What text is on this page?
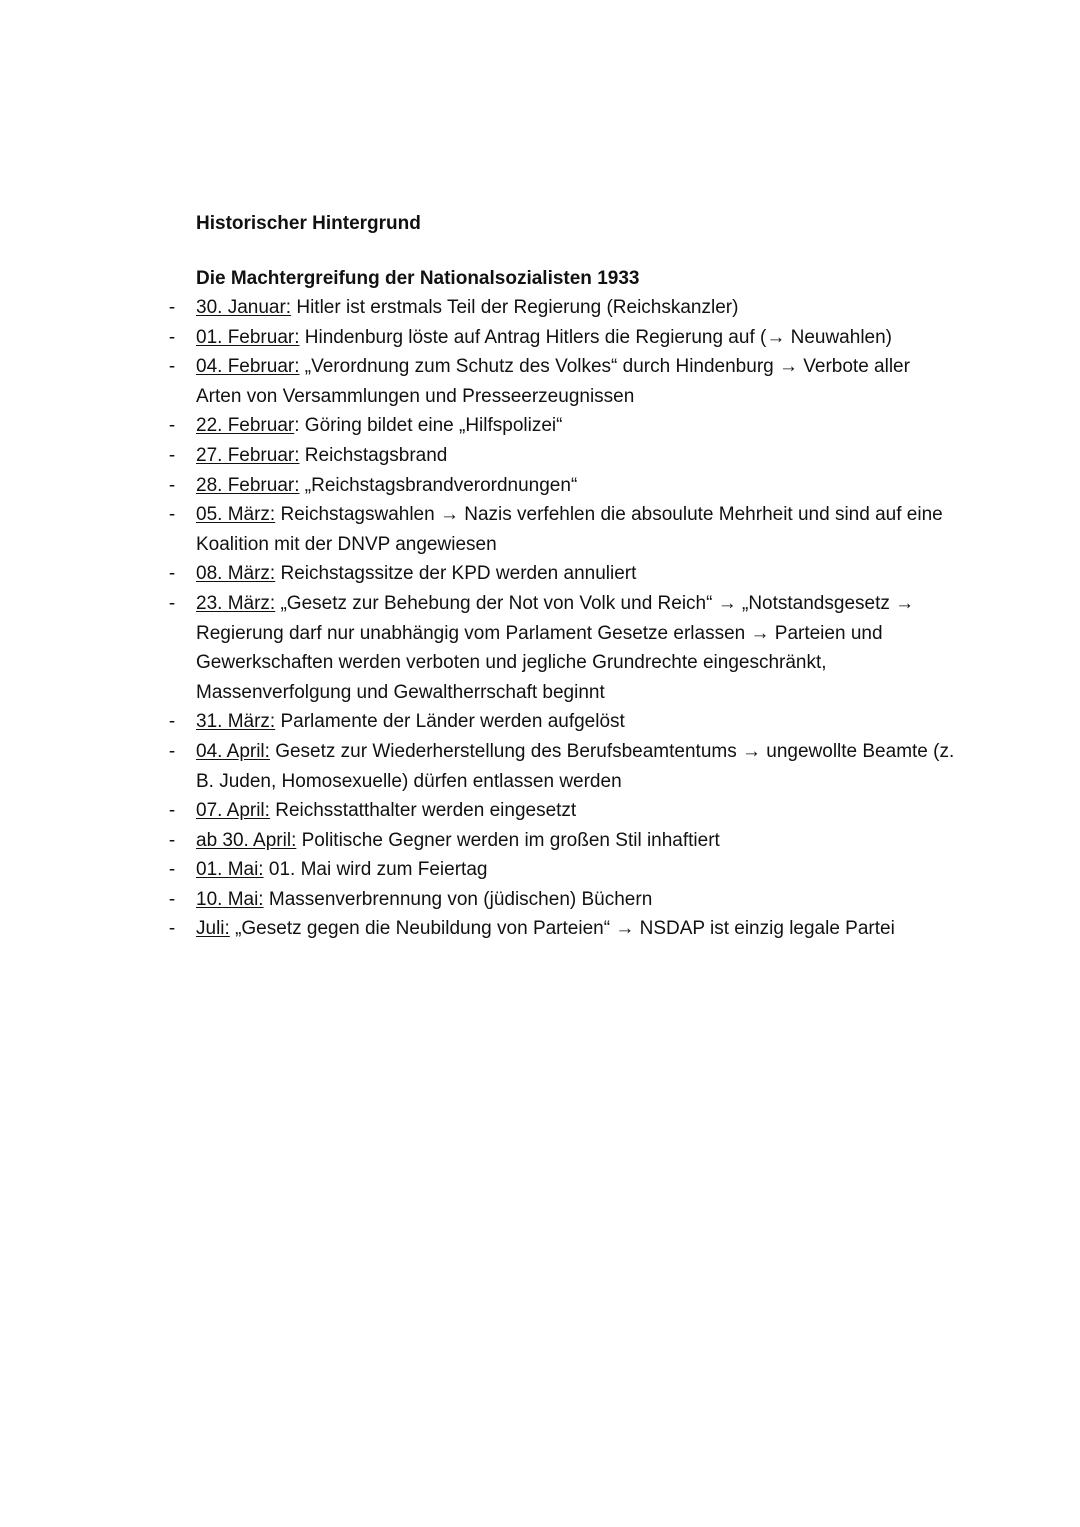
Historischer Hintergrund
Die Machtergreifung der Nationalsozialisten 1933
- 30. Januar: Hitler ist erstmals Teil der Regierung (Reichskanzler)
- 01. Februar: Hindenburg löste auf Antrag Hitlers die Regierung auf (→ Neuwahlen)
- 04. Februar: „Verordnung zum Schutz des Volkes“ durch Hindenburg → Verbote aller Arten von Versammlungen und Presseerzeugnissen
- 22. Februar: Göring bildet eine „Hilfspolizei“
- 27. Februar: Reichstagsbrand
- 28. Februar: „Reichstagsbrandverordnungen“
- 05. März: Reichstagswahlen → Nazis verfehlen die absoulute Mehrheit und sind auf eine Koalition mit der DNVP angewiesen
- 08. März: Reichstagssitze der KPD werden annuliert
- 23. März: „Gesetz zur Behebung der Not von Volk und Reich“ → „Notstandsgesetz → Regierung darf nur unabhängig vom Parlament Gesetze erlassen → Parteien und Gewerkschaften werden verboten und jegliche Grundrechte eingeschränkt, Massenverfolgung und Gewaltherrschaft beginnt
- 31. März: Parlamente der Länder werden aufgelöst
- 04. April: Gesetz zur Wiederherstellung des Berufsbeamtentums → ungewollte Beamte (z. B. Juden, Homosexuelle) dürfen entlassen werden
- 07. April: Reichsstatthalter werden eingesetzt
- ab 30. April: Politische Gegner werden im großen Stil inhaftiert
- 01. Mai: 01. Mai wird zum Feiertag
- 10. Mai: Massenverbrennung von (jüdischen) Büchern
- Juli: „Gesetz gegen die Neubildung von Parteien“ → NSDAP ist einzig legale Partei
